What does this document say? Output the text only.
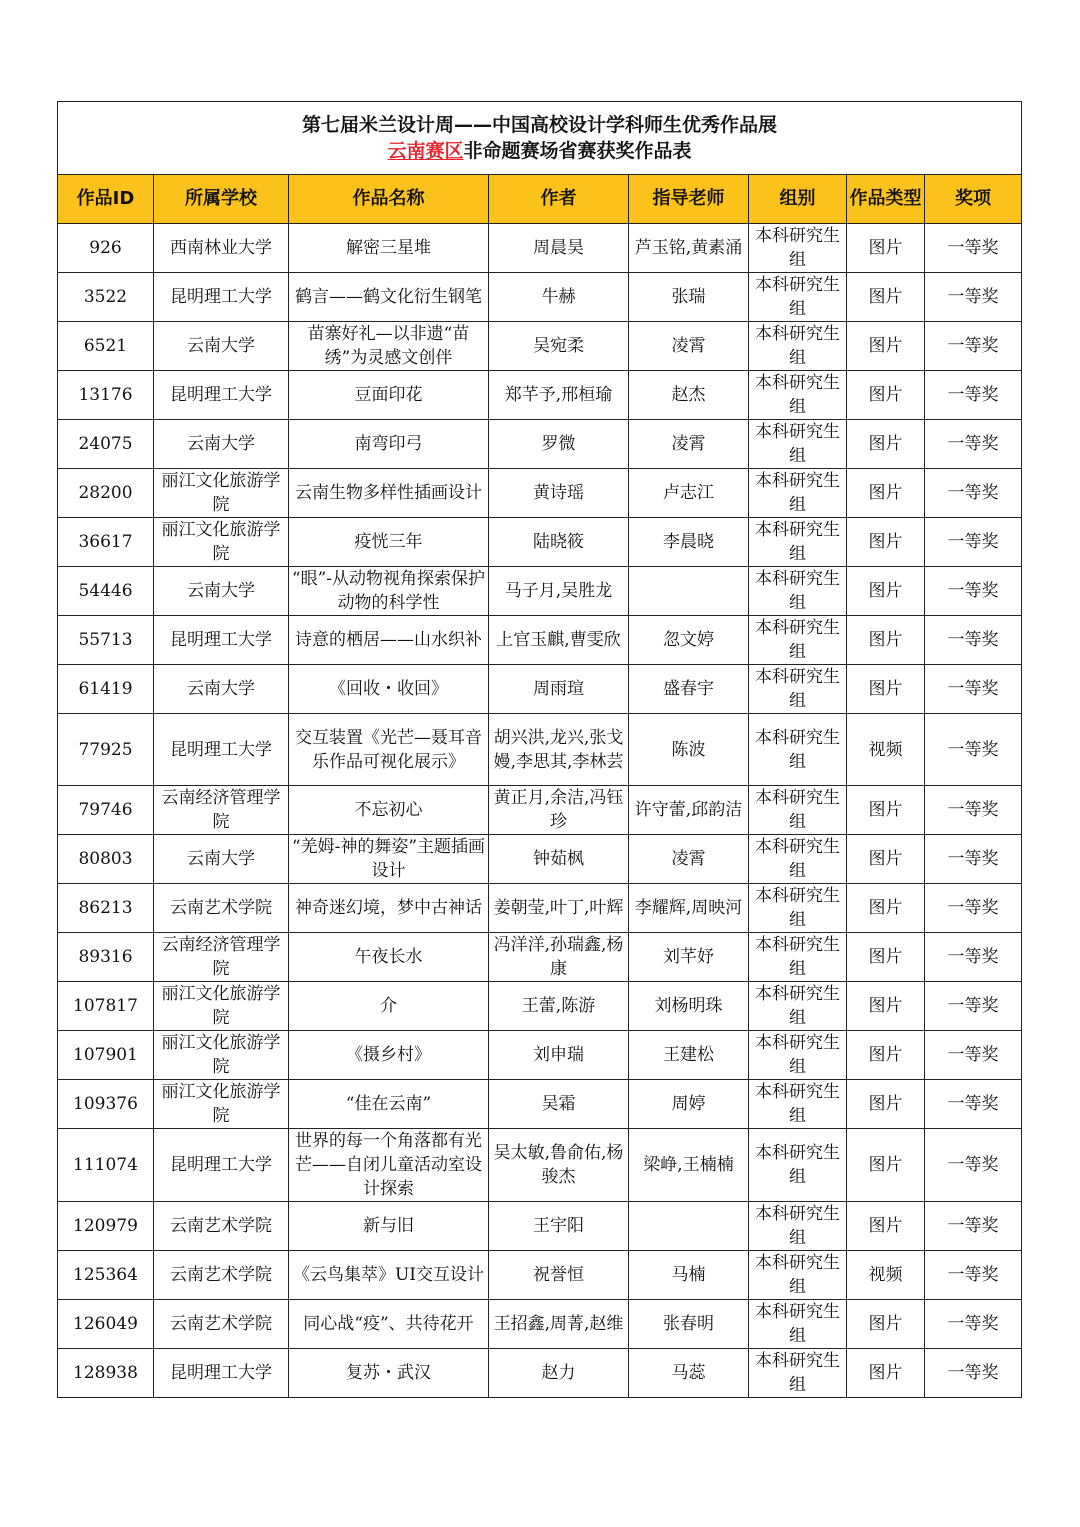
第七届米兰设计周——中国高校设计学科师生优秀作品展
云南赛区非命题赛场省赛获奖作品表							

作品ID	所属学校	作品名称	作者	指导老师	组别	作品类型	奖项
926	西南林业大学	解密三星堆	周晨昊	芦玉铭,黄素涌	本科研究生组	图片	一等奖
3522	昆明理工大学	鹤言——鹤文化衍生钢笔	牛赫	张瑞	本科研究生组	图片	一等奖
6521	云南大学	苗寨好礼—以非遗“苗绣”为灵感文创伴	吴宛柔	凌霄	本科研究生组	图片	一等奖
13176	昆明理工大学	豆面印花	郑芊予,邢桓瑜	赵杰	本科研究生组	图片	一等奖
24075	云南大学	南弯印弓	罗微	凌霄	本科研究生组	图片	一等奖
28200	丽江文化旅游学院	云南生物多样性插画设计	黄诗瑶	卢志江	本科研究生组	图片	一等奖
36617	丽江文化旅游学院	疫恍三年	陆晓筱	李晨晓	本科研究生组	图片	一等奖
54446	云南大学	“眼”-从动物视角探索保护动物的科学性	马子月,吴胜龙		本科研究生组	图片	一等奖
55713	昆明理工大学	诗意的栖居——山水织补	上官玉麒,曹雯欣	忽文婷	本科研究生组	图片	一等奖
61419	云南大学	《回收・收回》	周雨瑄	盛春宇	本科研究生组	图片	一等奖
77925	昆明理工大学	交互装置《光芒—聂耳音乐作品可视化展示》	胡兴洪,龙兴,张戈嫚,李思其,李林芸	陈波	本科研究生组	视频	一等奖
79746	云南经济管理学院	不忘初心	黄正月,余洁,冯钰珍	许守蕾,邱韵洁	本科研究生组	图片	一等奖
80803	云南大学	“羌姆-神的舞姿”主题插画设计	钟茹枫	凌霄	本科研究生组	图片	一等奖
86213	云南艺术学院	神奇迷幻境，梦中古神话	姜朝莹,叶丁,叶辉	李耀辉,周映河	本科研究生组	图片	一等奖
89316	云南经济管理学院	午夜长水	冯洋洋,孙瑞鑫,杨康	刘芊妤	本科研究生组	图片	一等奖
107817	丽江文化旅游学院	介	王蕾,陈游	刘杨明珠	本科研究生组	图片	一等奖
107901	丽江文化旅游学院	《摄乡村》	刘申瑞	王建松	本科研究生组	图片	一等奖
109376	丽江文化旅游学院	“佳在云南”	吴霜	周婷	本科研究生组	图片	一等奖
111074	昆明理工大学	世界的每一个角落都有光芒——自闭儿童活动室设计探索	吴太敏,鲁俞佑,杨骏杰	梁峥,王楠楠	本科研究生组	图片	一等奖
120979	云南艺术学院	新与旧	王宇阳		本科研究生组	图片	一等奖
125364	云南艺术学院	《云鸟集萃》UI交互设计	祝誉恒	马楠	本科研究生组	视频	一等奖
126049	云南艺术学院	同心战“疫”、共待花开	王招鑫,周菁,赵维	张春明	本科研究生组	图片	一等奖
128938	昆明理工大学	复苏・武汉	赵力	马蕊	本科研究生组	图片	一等奖
